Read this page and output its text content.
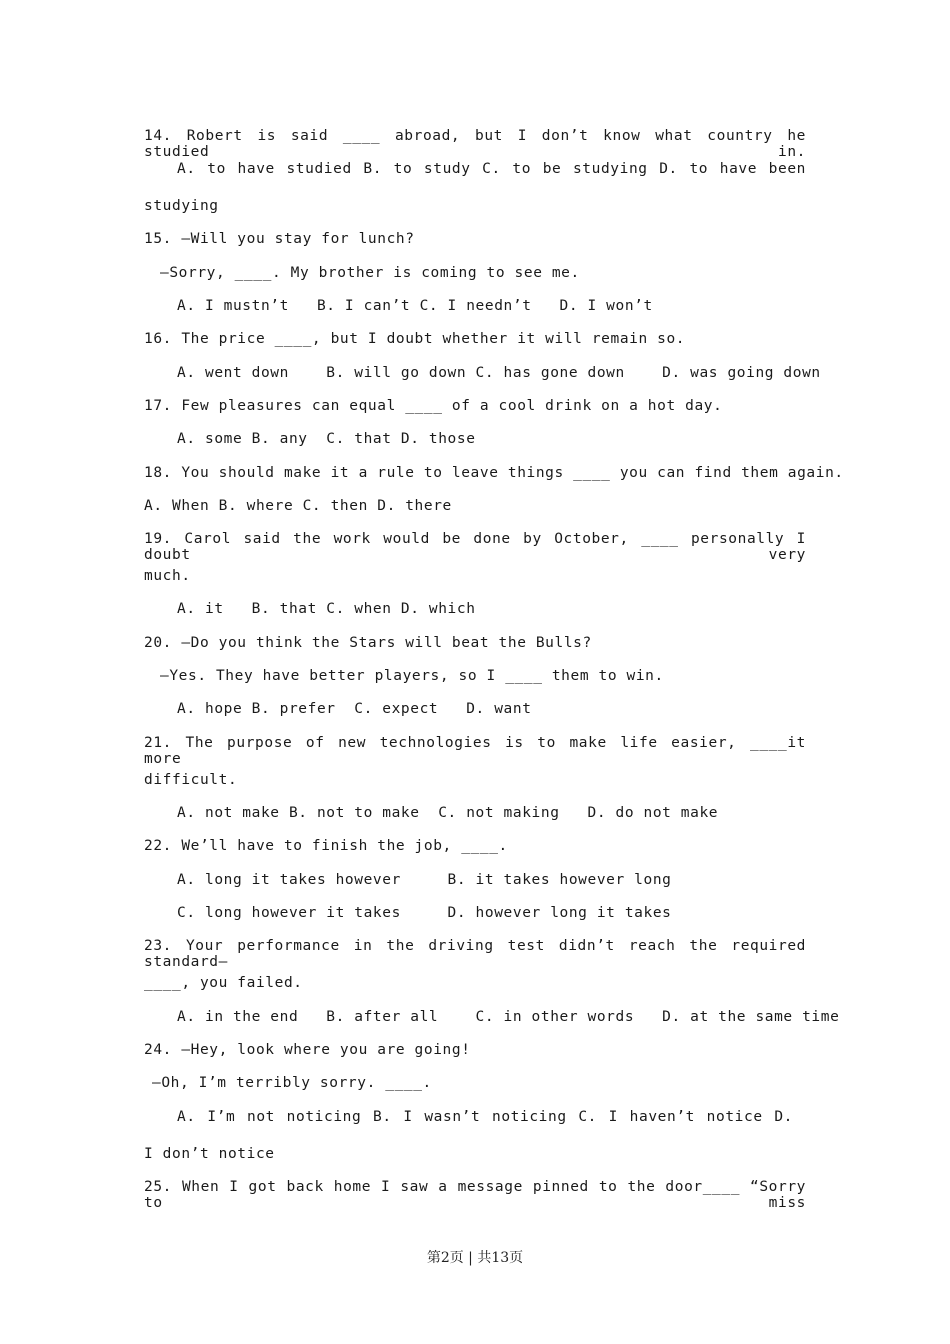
14. Robert is said ____ abroad, but I don’t know what country he studied in.
A. to have studied B. to study C. to be studying D. to have been
studying
15. —Will you stay for lunch?
—Sorry, ____. My brother is coming to see me.
A. I mustn’t   B. I can’t C. I needn’t   D. I won’t
16. The price ____, but I doubt whether it will remain so.
A. went down    B. will go down C. has gone down    D. was going down
17. Few pleasures can equal ____ of a cool drink on a hot day.
A. some B. any  C. that D. those
18. You should make it a rule to leave things ____ you can find them again.
A. When B. where C. then D. there
19. Carol said the work would be done by October, ____ personally I doubt very
much.
A. it   B. that C. when D. which
20. —Do you think the Stars will beat the Bulls?
—Yes. They have better players, so I ____ them to win.
A. hope B. prefer  C. expect   D. want
21. The purpose of new technologies is to make life easier, ____it more
difficult.
A. not make B. not to make  C. not making   D. do not make
22. We’ll have to finish the job, ____.
A. long it takes however     B. it takes however long
C. long however it takes     D. however long it takes
23. Your performance in the driving test didn’t reach the required standard—
____, you failed.
A. in the end   B. after all    C. in other words   D. at the same time
24. —Hey, look where you are going!
—Oh, I’m terribly sorry. ____.
A. I’m not noticing B. I wasn’t noticing C. I haven’t notice D.
I don’t notice
25. When I got back home I saw a message pinned to the door____ “Sorry to miss
第2页 | 共13页
